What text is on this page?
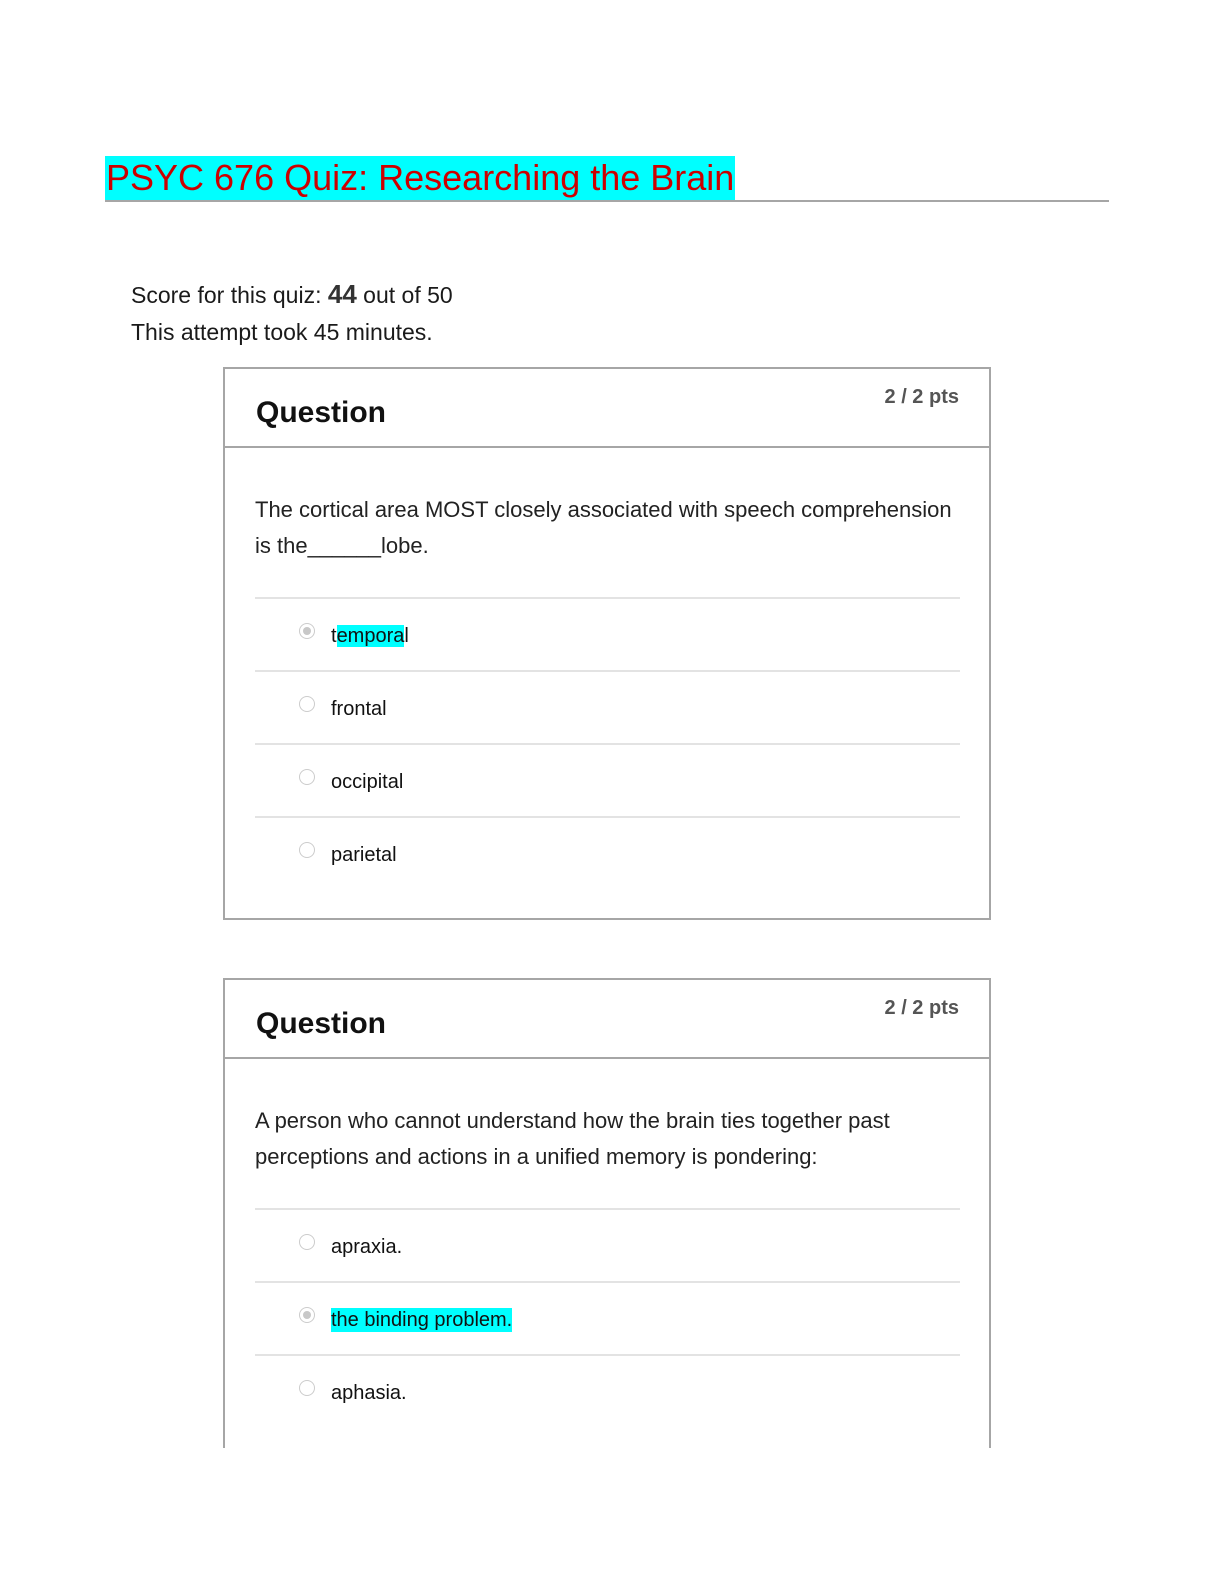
PSYC 676 Quiz: Researching the Brain
Score for this quiz: 44 out of 50
This attempt took 45 minutes.
Question	2 / 2 pts
The cortical area MOST closely associated with speech comprehension is the______lobe.
temporal
frontal
occipital
parietal
Question	2 / 2 pts
A person who cannot understand how the brain ties together past perceptions and actions in a unified memory is pondering:
apraxia.
the binding problem.
aphasia.
